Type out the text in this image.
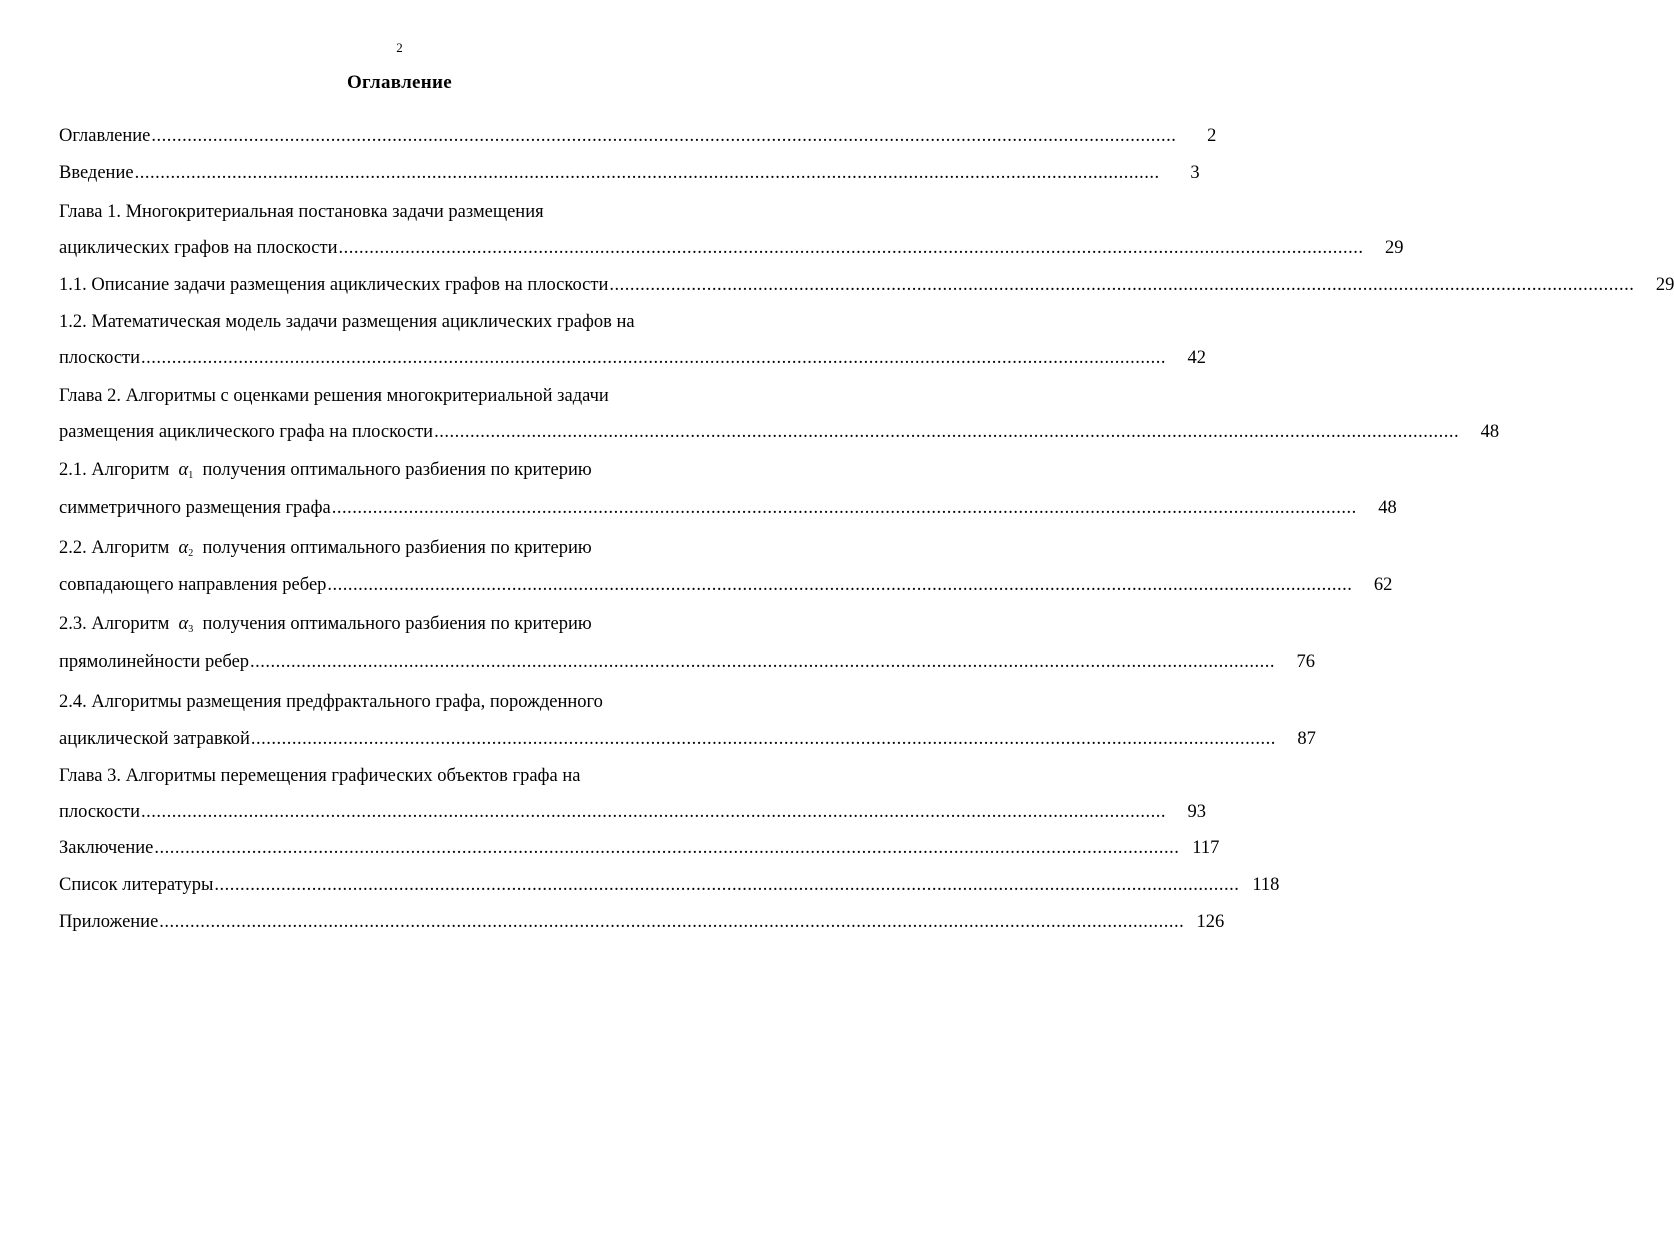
2
Оглавление
Оглавление ........................................................................................................................................................................................................	2
Введение ........................................................................................................................................................................................................	3
Глава 1. Многокритериальная постановка задачи размещения
ациклических графов на плоскости ........................................................................................................................................................................................................	29
1.1. Описание задачи размещения ациклических графов на плоскости ........................................................................................................................................................................................................	29
1.2. Математическая модель задачи размещения ациклических графов на
плоскости ........................................................................................................................................................................................................	42
Глава 2. Алгоритмы с оценками решения многокритериальной задачи
размещения ациклического графа на плоскости ........................................................................................................................................................................................................	48
2.1. Алгоритм $\alpha_1$ получения оптимального разбиения по критерию
симметричного размещения графа ........................................................................................................................................................................................................	48
2.2. Алгоритм $\alpha_2$ получения оптимального разбиения по критерию
совпадающего направления ребер ........................................................................................................................................................................................................	62
2.3. Алгоритм $\alpha_3$ получения оптимального разбиения по критерию
прямолинейности ребер ........................................................................................................................................................................................................	76
2.4. Алгоритмы размещения предфрактального графа, порожденного
ациклической затравкой ........................................................................................................................................................................................................	87
Глава 3. Алгоритмы перемещения графических объектов графа на
плоскости ........................................................................................................................................................................................................	93
Заключение ........................................................................................................................................................................................................ 117
Список литературы ........................................................................................................................................................................................................ 118
Приложение ........................................................................................................................................................................................................ 126
